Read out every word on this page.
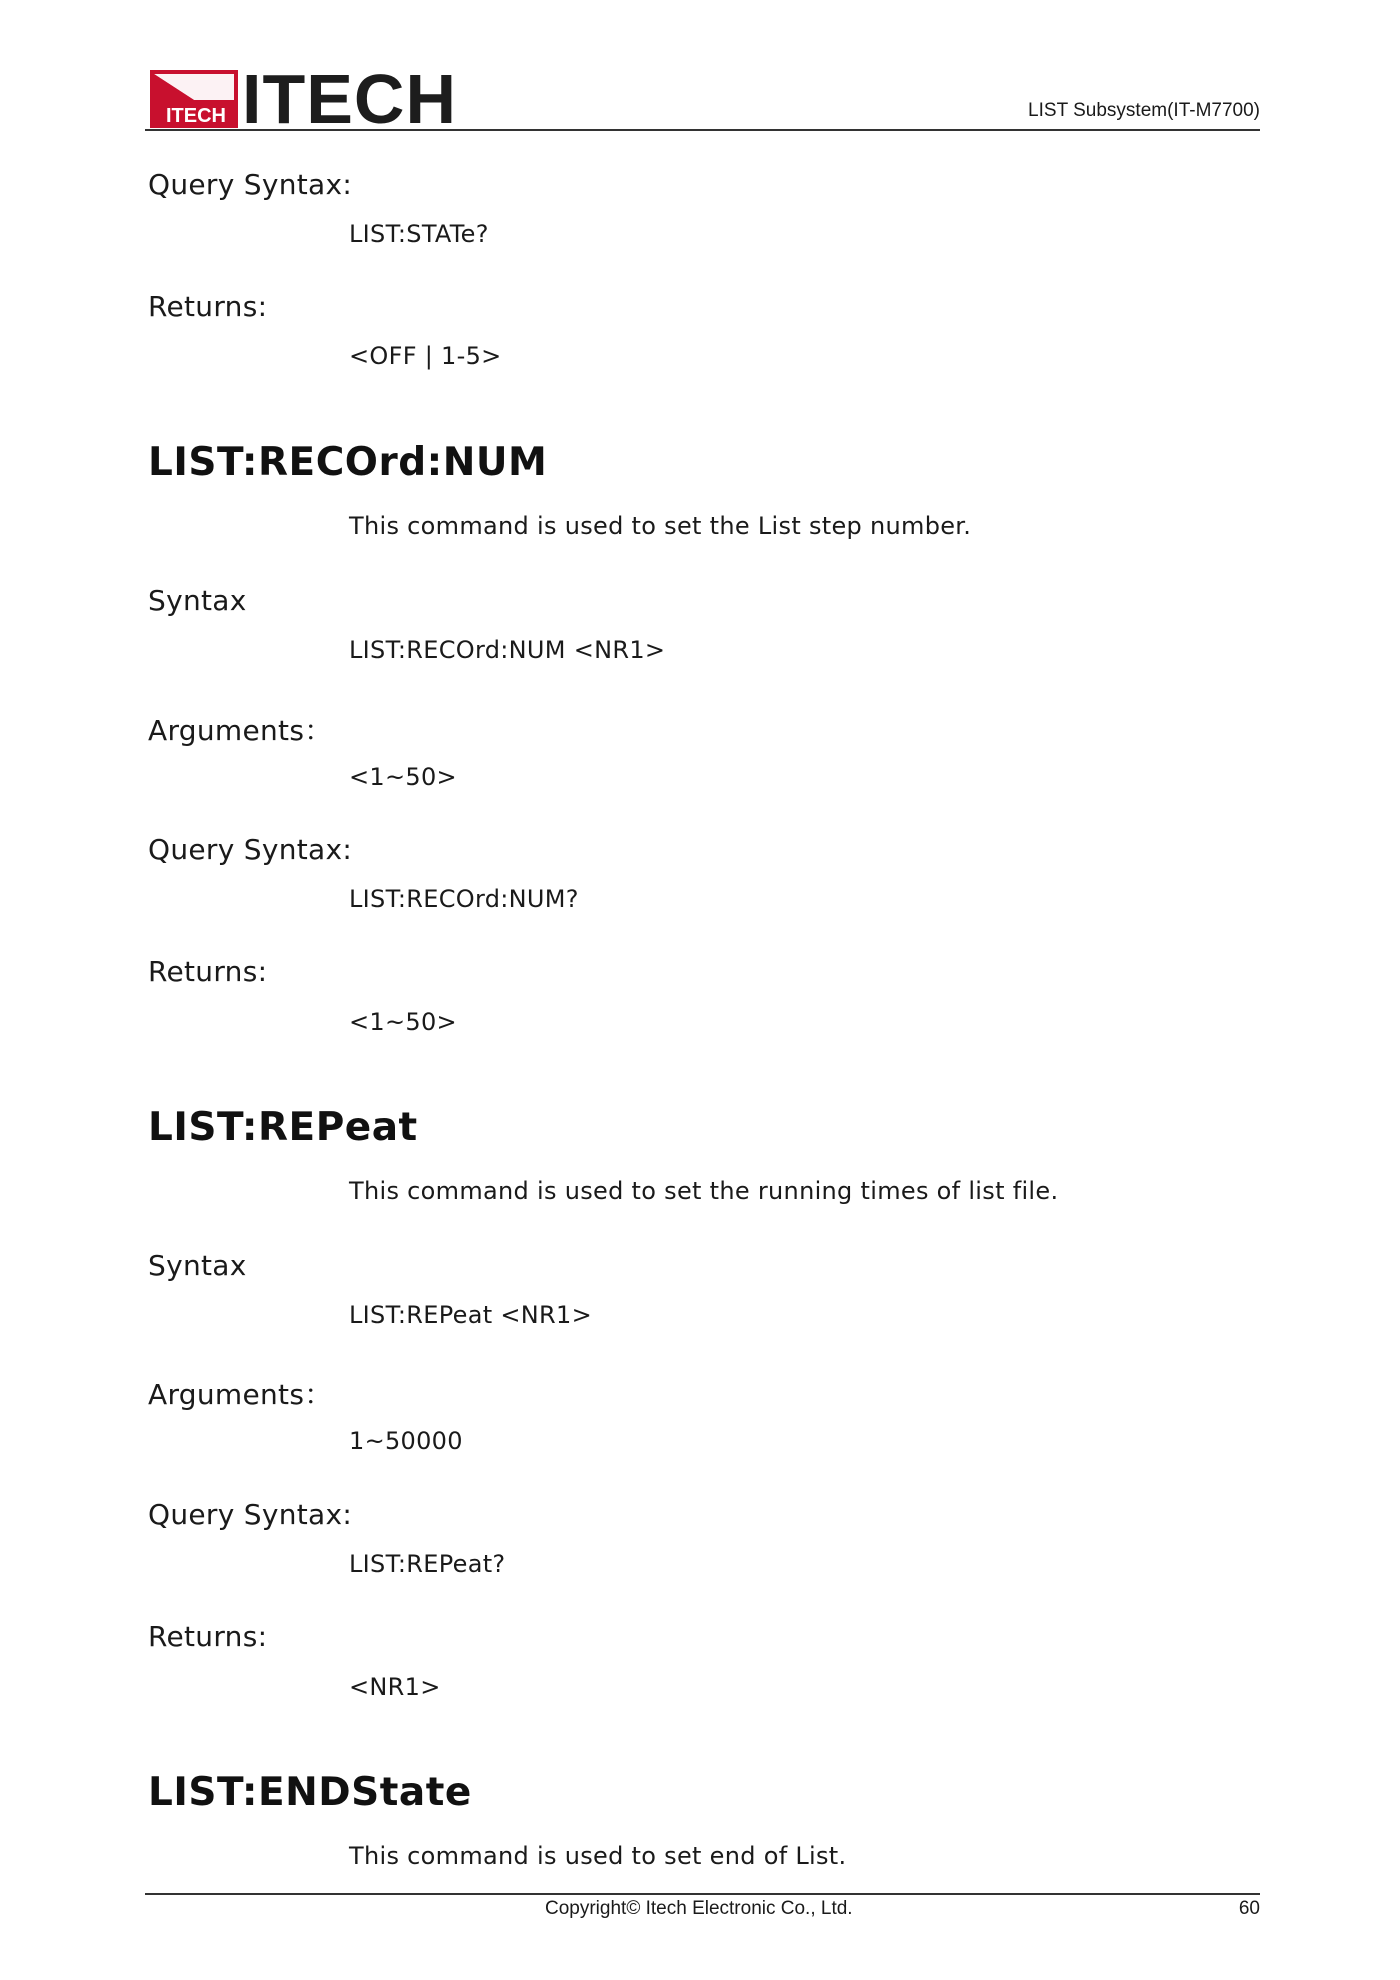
ITECH ITECH	LIST Subsystem(IT-M7700)
Query Syntax:
LIST:STATe?
Returns:
<OFF | 1-5>
LIST:RECOrd:NUM
This command is used to set the List step number.
Syntax
LIST:RECOrd:NUM <NR1>
Arguments：
<1~50>
Query Syntax:
LIST:RECOrd:NUM?
Returns:
<1~50>
LIST:REPeat
This command is used to set the running times of list file.
Syntax
LIST:REPeat <NR1>
Arguments：
1~50000
Query Syntax:
LIST:REPeat?
Returns:
<NR1>
LIST:ENDState
This command is used to set end of List.
Copyright© Itech Electronic Co., Ltd.	60
